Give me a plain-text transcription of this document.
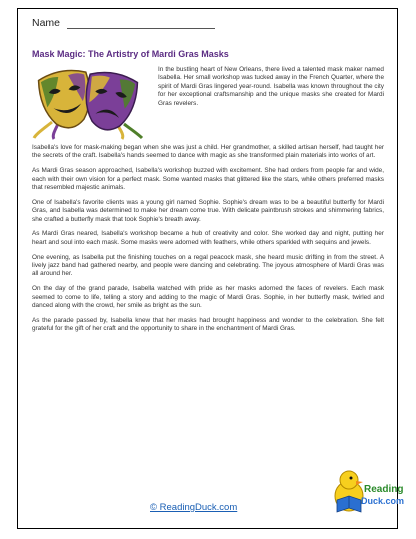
Name
Mask Magic: The Artistry of Mardi Gras Masks

In the bustling heart of New Orleans, there lived a talented mask maker named Isabella. Her small workshop was tucked away in the French Quarter, where the spirit of Mardi Gras lingered year-round. Isabella was known throughout the city for her exceptional craftsmanship and the unique masks she created for Mardi Gras revelers.

Isabella's love for mask-making began when she was just a child. Her grandmother, a skilled artisan herself, had taught her the secrets of the craft. Isabella's hands seemed to dance with magic as she transformed plain materials into works of art.

As Mardi Gras season approached, Isabella's workshop buzzed with excitement. She had orders from people far and wide, each with their own vision for a perfect mask. Some wanted masks that glittered like the stars, while others preferred masks that resembled majestic animals.

One of Isabella's favorite clients was a young girl named Sophie. Sophie's dream was to be a beautiful butterfly for Mardi Gras, and Isabella was determined to make her dream come true. With delicate paintbrush strokes and shimmering fabrics, she crafted a butterfly mask that took Sophie's breath away.

As Mardi Gras neared, Isabella's workshop became a hub of creativity and color. She worked day and night, putting her heart and soul into each mask. Some masks were adorned with feathers, while others sparkled with sequins and jewels.

One evening, as Isabella put the finishing touches on a regal peacock mask, she heard music drifting in from the street. A lively jazz band had gathered nearby, and people were dancing and celebrating. The joyous atmosphere of Mardi Gras was all around her.

On the day of the grand parade, Isabella watched with pride as her masks adorned the faces of revelers. Each mask seemed to come to life, telling a story and adding to the magic of Mardi Gras. Sophie, in her butterfly mask, twirled and danced along with the crowd, her smile as bright as the sun.

As the parade passed by, Isabella knew that her masks had brought happiness and wonder to the celebration. She felt grateful for the gift of her craft and the opportunity to share in the enchantment of Mardi Gras.

© ReadingDuck.com
Reading
Duck.com
